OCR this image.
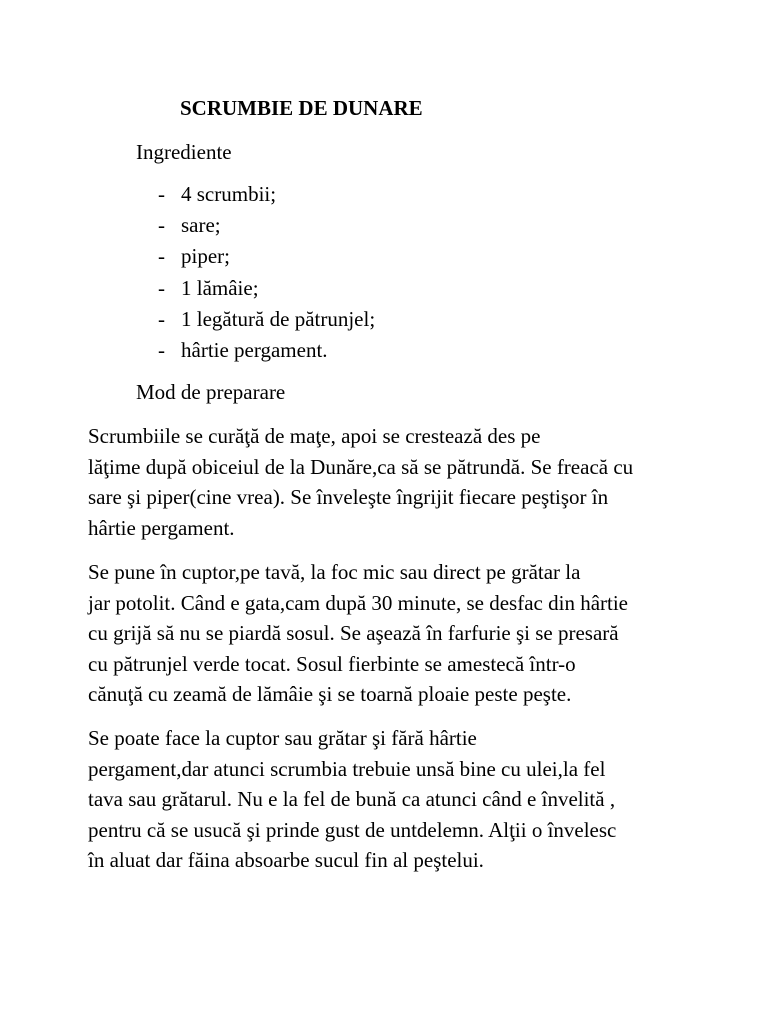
SCRUMBIE DE DUNARE
Ingrediente
- 4 scrumbii;
- sare;
- piper;
- 1 lămâie;
- 1 legătură de pătrunjel;
- hârtie pergament.
Mod de preparare

Scrumbiile se curăţă de maţe, apoi se crestează des pe
lăţime după obiceiul de la Dunăre,ca să se pătrundă. Se freacă cu
sare şi piper(cine vrea). Se înveleşte îngrijit fiecare peştişor în
hârtie pergament.

Se pune în cuptor,pe tavă, la foc mic sau direct pe grătar la
jar potolit. Când e gata,cam după 30 minute, se desfac din hârtie
cu grijă să nu se piardă sosul. Se aşează în farfurie şi se presară
cu pătrunjel verde tocat. Sosul fierbinte se amestecă într-o
cănuţă cu zeamă de lămâie şi se toarnă ploaie peste peşte.

Se poate face la cuptor sau grătar şi fără hârtie
pergament,dar atunci scrumbia trebuie unsă bine cu ulei,la fel
tava sau grătarul. Nu e la fel de bună ca atunci când e învelită ,
pentru că se usucă şi prinde gust de untdelemn. Alţii o învelesc
în aluat dar făina absoarbe sucul fin al peştelui.
